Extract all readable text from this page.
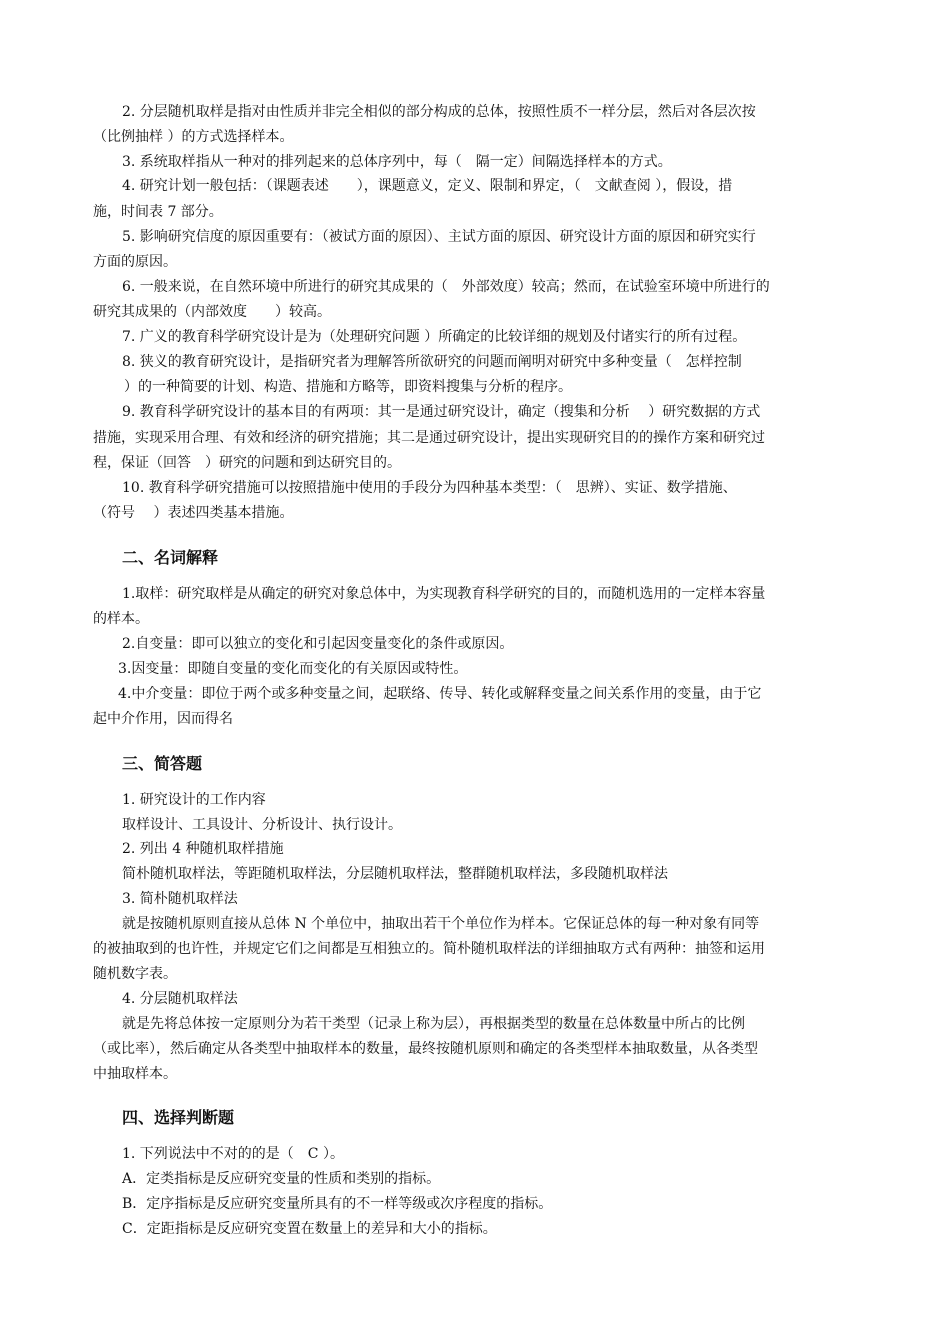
2. 分层随机取样是指对由性质并非完全相似的部分构成的总体，按照性质不一样分层，然后对各层次按
（比例抽样 ）的方式选择样本。
3. 系统取样指从一种对的排列起来的总体序列中，每（　隔一定）间隔选择样本的方式。
4. 研究计划一般包括：（课题表述　　），课题意义，定义、限制和界定，（　文献查阅 ），假设，措
施，时间表 7 部分。
5. 影响研究信度的原因重要有：（被试方面的原因）、主试方面的原因、研究设计方面的原因和研究实行
方面的原因。
6. 一般来说，在自然环境中所进行的研究其成果的（　外部效度）较高；然而，在试验室环境中所进行的
研究其成果的（内部效度　　）较高。
7. 广义的教育科学研究设计是为（处理研究问题 ）所确定的比较详细的规划及付诸实行的所有过程。
8. 狭义的教育研究设计，是指研究者为理解答所欲研究的问题而阐明对研究中多种变量（　怎样控制
　）的一种简要的计划、构造、措施和方略等，即资料搜集与分析的程序。
9. 教育科学研究设计的基本目的有两项：其一是通过研究设计，确定（搜集和分析　 ）研究数据的方式
措施，实现采用合理、有效和经济的研究措施；其二是通过研究设计，提出实现研究目的的操作方案和研究过
程，保证（回答　）研究的问题和到达研究目的。
10. 教育科学研究措施可以按照措施中使用的手段分为四种基本类型：（　思辨）、实证、数学措施、
（符号　 ）表述四类基本措施。
二、名词解释
1.取样：研究取样是从确定的研究对象总体中，为实现教育科学研究的目的，而随机选用的一定样本容量
的样本。
2.自变量：即可以独立的变化和引起因变量变化的条件或原因。
3.因变量：即随自变量的变化而变化的有关原因或特性。
4.中介变量：即位于两个或多种变量之间，起联络、传导、转化或解释变量之间关系作用的变量，由于它
起中介作用，因而得名
三、简答题
1. 研究设计的工作内容
取样设计、工具设计、分析设计、执行设计。
2. 列出 4 种随机取样措施
简朴随机取样法，等距随机取样法，分层随机取样法，整群随机取样法，多段随机取样法
3. 简朴随机取样法
就是按随机原则直接从总体 N 个单位中，抽取出若干个单位作为样本。它保证总体的每一种对象有同等
的被抽取到的也许性，并规定它们之间都是互相独立的。简朴随机取样法的详细抽取方式有两种：抽签和运用
随机数字表。
4. 分层随机取样法
就是先将总体按一定原则分为若干类型（记录上称为层），再根据类型的数量在总体数量中所占的比例
（或比率），然后确定从各类型中抽取样本的数量，最终按随机原则和确定的各类型样本抽取数量，从各类型
中抽取样本。
四、选择判断题
1. 下列说法中不对的的是（　C ）。
A．定类指标是反应研究变量的性质和类别的指标。
B．定序指标是反应研究变量所具有的不一样等级或次序程度的指标。
C．定距指标是反应研究变置在数量上的差异和大小的指标。
